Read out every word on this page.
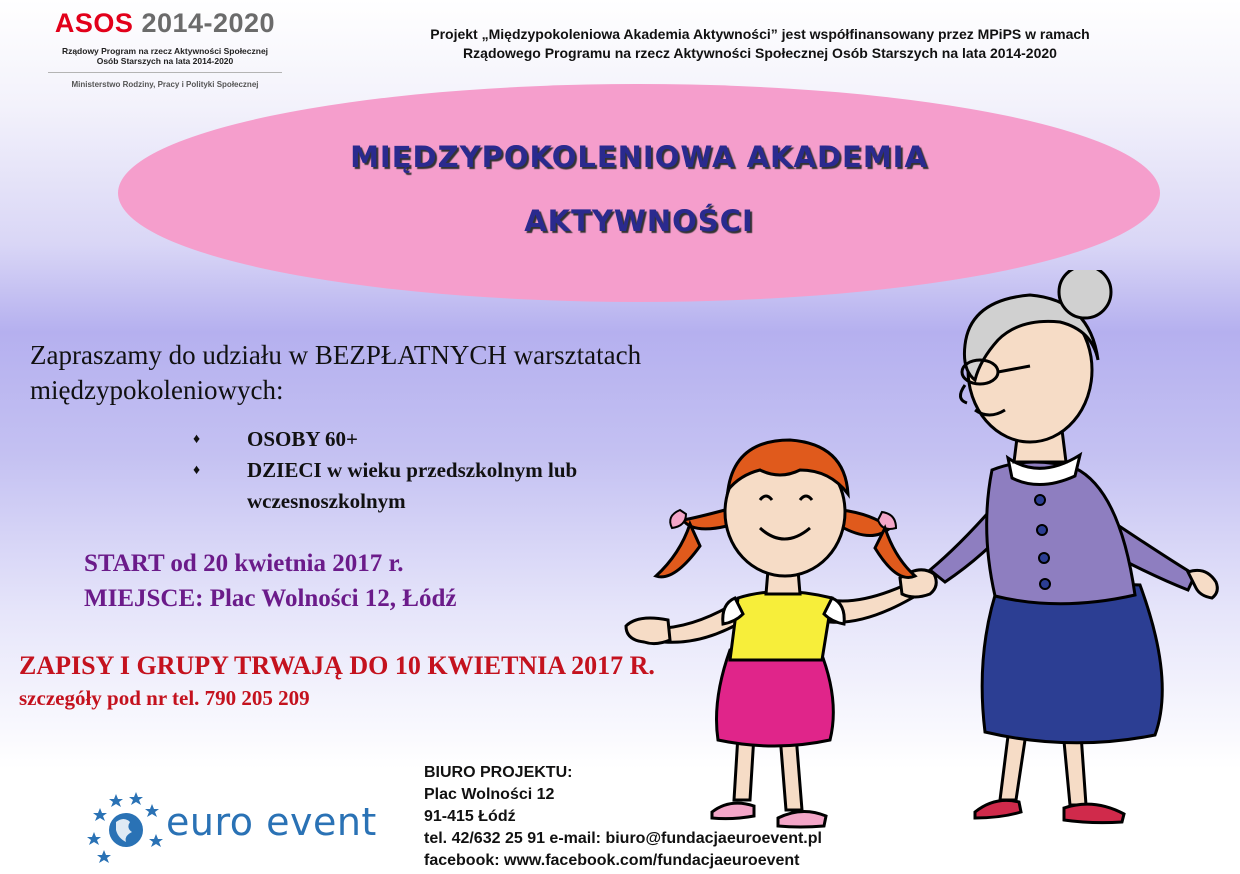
ASOS 2014-2020
Rządowy Program na rzecz Aktywności Społecznej
Osób Starszych na lata 2014-2020
Ministerstwo Rodziny, Pracy i Polityki Społecznej
Projekt „Międzypokoleniowa Akademia Aktywności” jest współfinansowany przez MPiPS w ramach
Rządowego Programu na rzecz Aktywności Społecznej Osób Starszych na lata 2014-2020
MIĘDZYPOKOLENIOWA AKADEMIA
AKTYWNOŚCI
Zapraszamy do udziału w BEZPŁATNYCH warsztatach międzypokoleniowych:
♦ OSOBY 60+
♦ DZIECI w wieku przedszkolnym lub wczesnoszkolnym
START od 20 kwietnia 2017 r.
MIEJSCE: Plac Wolności 12, Łódź
ZAPISY I GRUPY TRWAJĄ DO 10 KWIETNIA 2017 R.
szczegóły pod nr tel. 790 205 209
euro event
BIURO PROJEKTU:
Plac Wolności 12
91-415 Łódź
tel. 42/632 25 91 e-mail: biuro@fundacjaeuroevent.pl
facebook: www.facebook.com/fundacjaeuroevent
